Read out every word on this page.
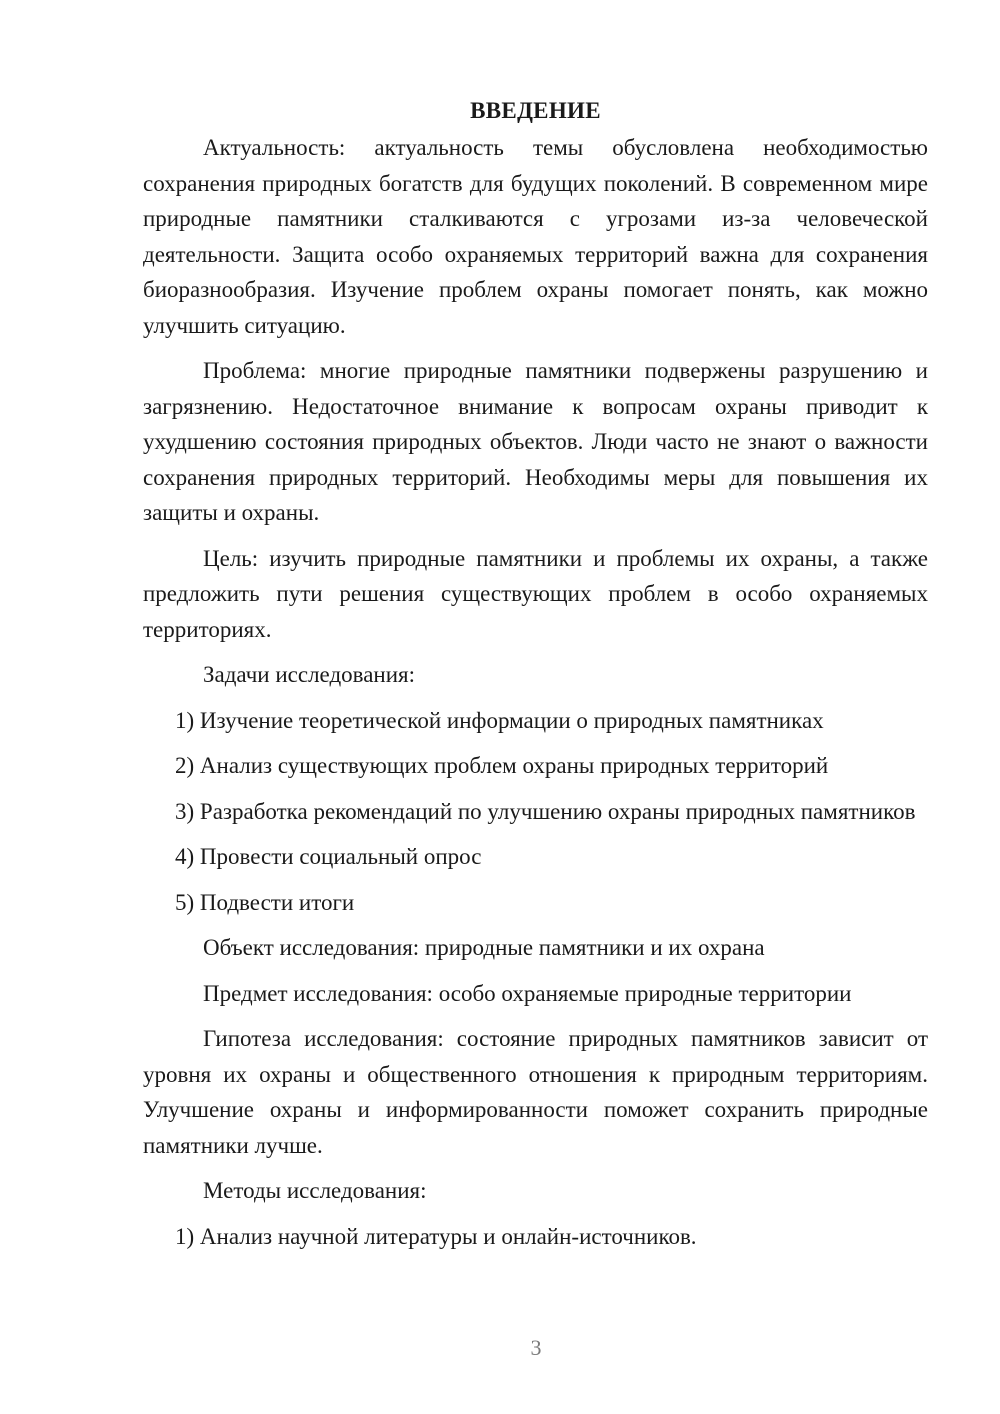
ВВЕДЕНИЕ

Актуальность: актуальность темы обусловлена необходимостью сохранения природных богатств для будущих поколений. В современном мире природные памятники сталкиваются с угрозами из-за человеческой деятельности. Защита особо охраняемых территорий важна для сохранения биоразнообразия. Изучение проблем охраны помогает понять, как можно улучшить ситуацию.

Проблема: многие природные памятники подвержены разрушению и загрязнению. Недостаточное внимание к вопросам охраны приводит к ухудшению состояния природных объектов. Люди часто не знают о важности сохранения природных территорий. Необходимы меры для повышения их защиты и охраны.

Цель: изучить природные памятники и проблемы их охраны, а также предложить пути решения существующих проблем в особо охраняемых территориях.

Задачи исследования:

1) Изучение теоретической информации о природных памятниках

2) Анализ существующих проблем охраны природных территорий

3) Разработка рекомендаций по улучшению охраны природных памятников

4) Провести социальный опрос

5) Подвести итоги

Объект исследования: природные памятники и их охрана

Предмет исследования: особо охраняемые природные территории

Гипотеза исследования: состояние природных памятников зависит от уровня их охраны и общественного отношения к природным территориям. Улучшение охраны и информированности поможет сохранить природные памятники лучше.

Методы исследования:

1) Анализ научной литературы и онлайн-источников.

3
